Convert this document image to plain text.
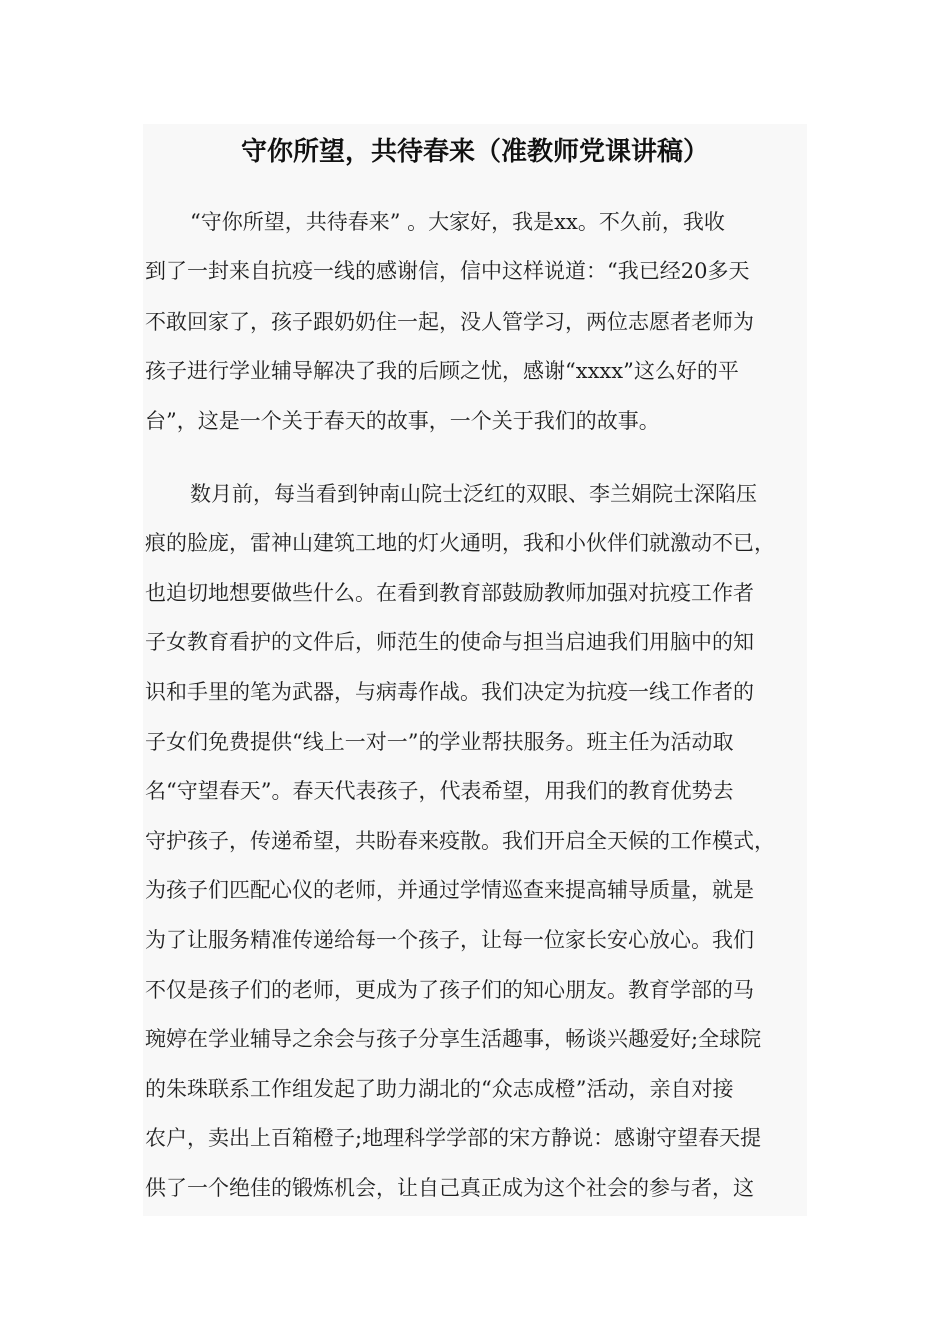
守你所望，共待春来（准教师党课讲稿）
“守你所望，共待春来” 。大家好，我是xx。不久前，我收
到了一封来自抗疫一线的感谢信，信中这样说道：“我已经20多天
不敢回家了，孩子跟奶奶住一起，没人管学习，两位志愿者老师为
孩子进行学业辅导解决了我的后顾之忧，感谢“xxxx”这么好的平
台”，这是一个关于春天的故事，一个关于我们的故事。
数月前，每当看到钟南山院士泛红的双眼、李兰娟院士深陷压
痕的脸庞，雷神山建筑工地的灯火通明，我和小伙伴们就激动不已，
也迫切地想要做些什么。在看到教育部鼓励教师加强对抗疫工作者
子女教育看护的文件后，师范生的使命与担当启迪我们用脑中的知
识和手里的笔为武器，与病毒作战。我们决定为抗疫一线工作者的
子女们免费提供“线上一对一”的学业帮扶服务。班主任为活动取
名“守望春天”。春天代表孩子，代表希望，用我们的教育优势去
守护孩子，传递希望，共盼春来疫散。我们开启全天候的工作模式，
为孩子们匹配心仪的老师，并通过学情巡查来提高辅导质量，就是
为了让服务精准传递给每一个孩子，让每一位家长安心放心。我们
不仅是孩子们的老师，更成为了孩子们的知心朋友。教育学部的马
琬婷在学业辅导之余会与孩子分享生活趣事，畅谈兴趣爱好;全球院
的朱珠联系工作组发起了助力湖北的“众志成橙”活动，亲自对接
农户，卖出上百箱橙子;地理科学学部的宋方静说：感谢守望春天提
供了一个绝佳的锻炼机会，让自己真正成为这个社会的参与者，这
